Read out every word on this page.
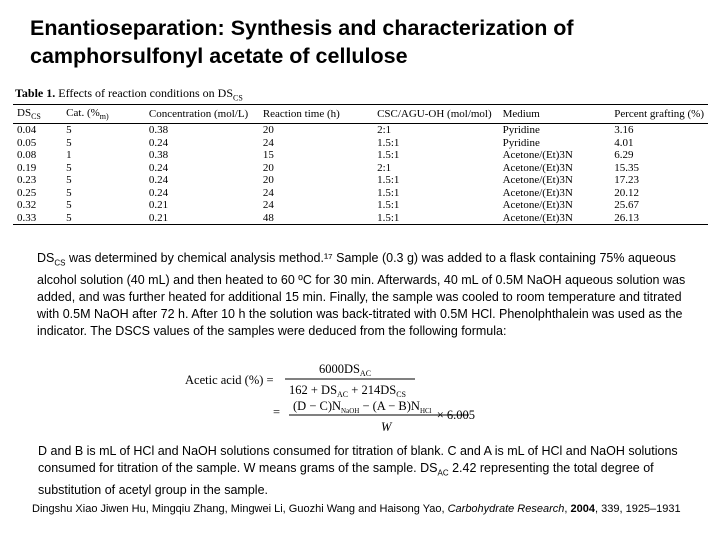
Enantioseparation: Synthesis and characterization of
camphorsulfonyl acetate of cellulose
Table 1. Effects of reaction conditions on $DS_{CS}$
$DS_{CS}$	Cat. ($\%_{m)}$	Concentration (mol/L)	Reaction time (h)	CSC/AGU-OH (mol/mol)	Medium	Percent grafting (%)
0.04	5	0.38	20	2:1	Pyridine	3.16
0.05	5	0.24	24	1.5:1	Pyridine	4.01
0.08	1	0.38	15	1.5:1	Acetone/(Et)3N	6.29
0.19	5	0.24	20	2:1	Acetone/(Et)3N	15.35
0.23	5	0.24	20	1.5:1	Acetone/(Et)3N	17.23
0.25	5	0.24	24	1.5:1	Acetone/(Et)3N	20.12
0.32	5	0.21	24	1.5:1	Acetone/(Et)3N	25.67
0.33	5	0.21	48	1.5:1	Acetone/(Et)3N	26.13
$DS_{CS}$ was determined by chemical analysis method.¹⁷ Sample (0.3 g) was added to a flask containing 75% aqueous alcohol solution (40 mL) and then heated to 60 ºC for 30 min. Afterwards, 40 mL of 0.5M NaOH aqueous solution was added, and was further heated for additional 15 min. Finally, the sample was cooled to room temperature and titrated with 0.5M NaOH after 72 h. After 10 h the solution was back-titrated with 0.5M HCl. Phenolphthalein was used as the indicator. The DSCS values of the samples were deduced from the following formula:
Acetic acid (%) =
$6000DS_{AC}$
$162 + DS_{AC} + 214DS_{CS}$
= $(D - C)N_{NaOH} - (A - B)N_{HCl} \times 6.005$
W
D and B is mL of HCl and NaOH solutions consumed for titration of blank. C and A is mL of HCl and NaOH solutions consumed for titration of the sample. W means grams of the sample. $DS_{AC}$ 2.42 representing the total degree of substitution of acetyl group in the sample.
Dingshu Xiao Jiwen Hu, Mingqiu Zhang, Mingwei Li, Guozhi Wang and Haisong Yao, Carbohydrate Research, 2004, 339, 1925–1931
